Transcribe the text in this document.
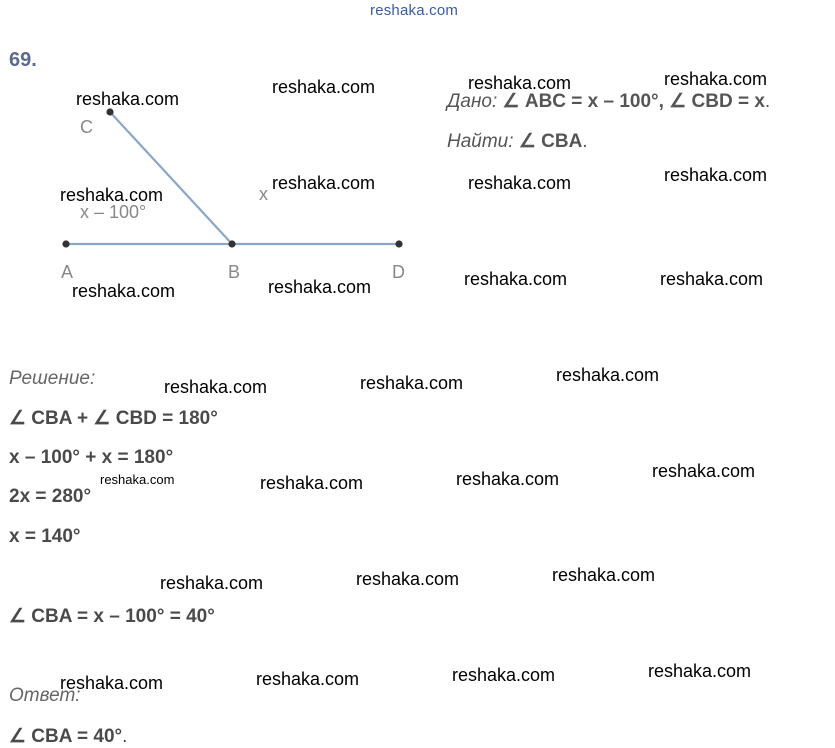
reshaka.com
69.
C
A	B	D
x – 100°
x
Дано: ∠ ABC = x – 100°, ∠ CBD = x.
Найти: ∠ CBA.
Решение:
∠ CBA + ∠ CBD = 180°
x – 100° + x = 180°
2x = 280°
x = 140°
∠ CBA = x – 100° = 40°
Ответ:
∠ CBA = 40°.
reshaka.com
reshaka.com	reshaka.com	reshaka.com
reshaka.com
reshaka.com	reshaka.com	reshaka.com
reshaka.com	reshaka.com	reshaka.com	reshaka.com
reshaka.com	reshaka.com	reshaka.com
reshaka.com	reshaka.com	reshaka.com	reshaka.com
reshaka.com	reshaka.com	reshaka.com
reshaka.com	reshaka.com	reshaka.com	reshaka.com
